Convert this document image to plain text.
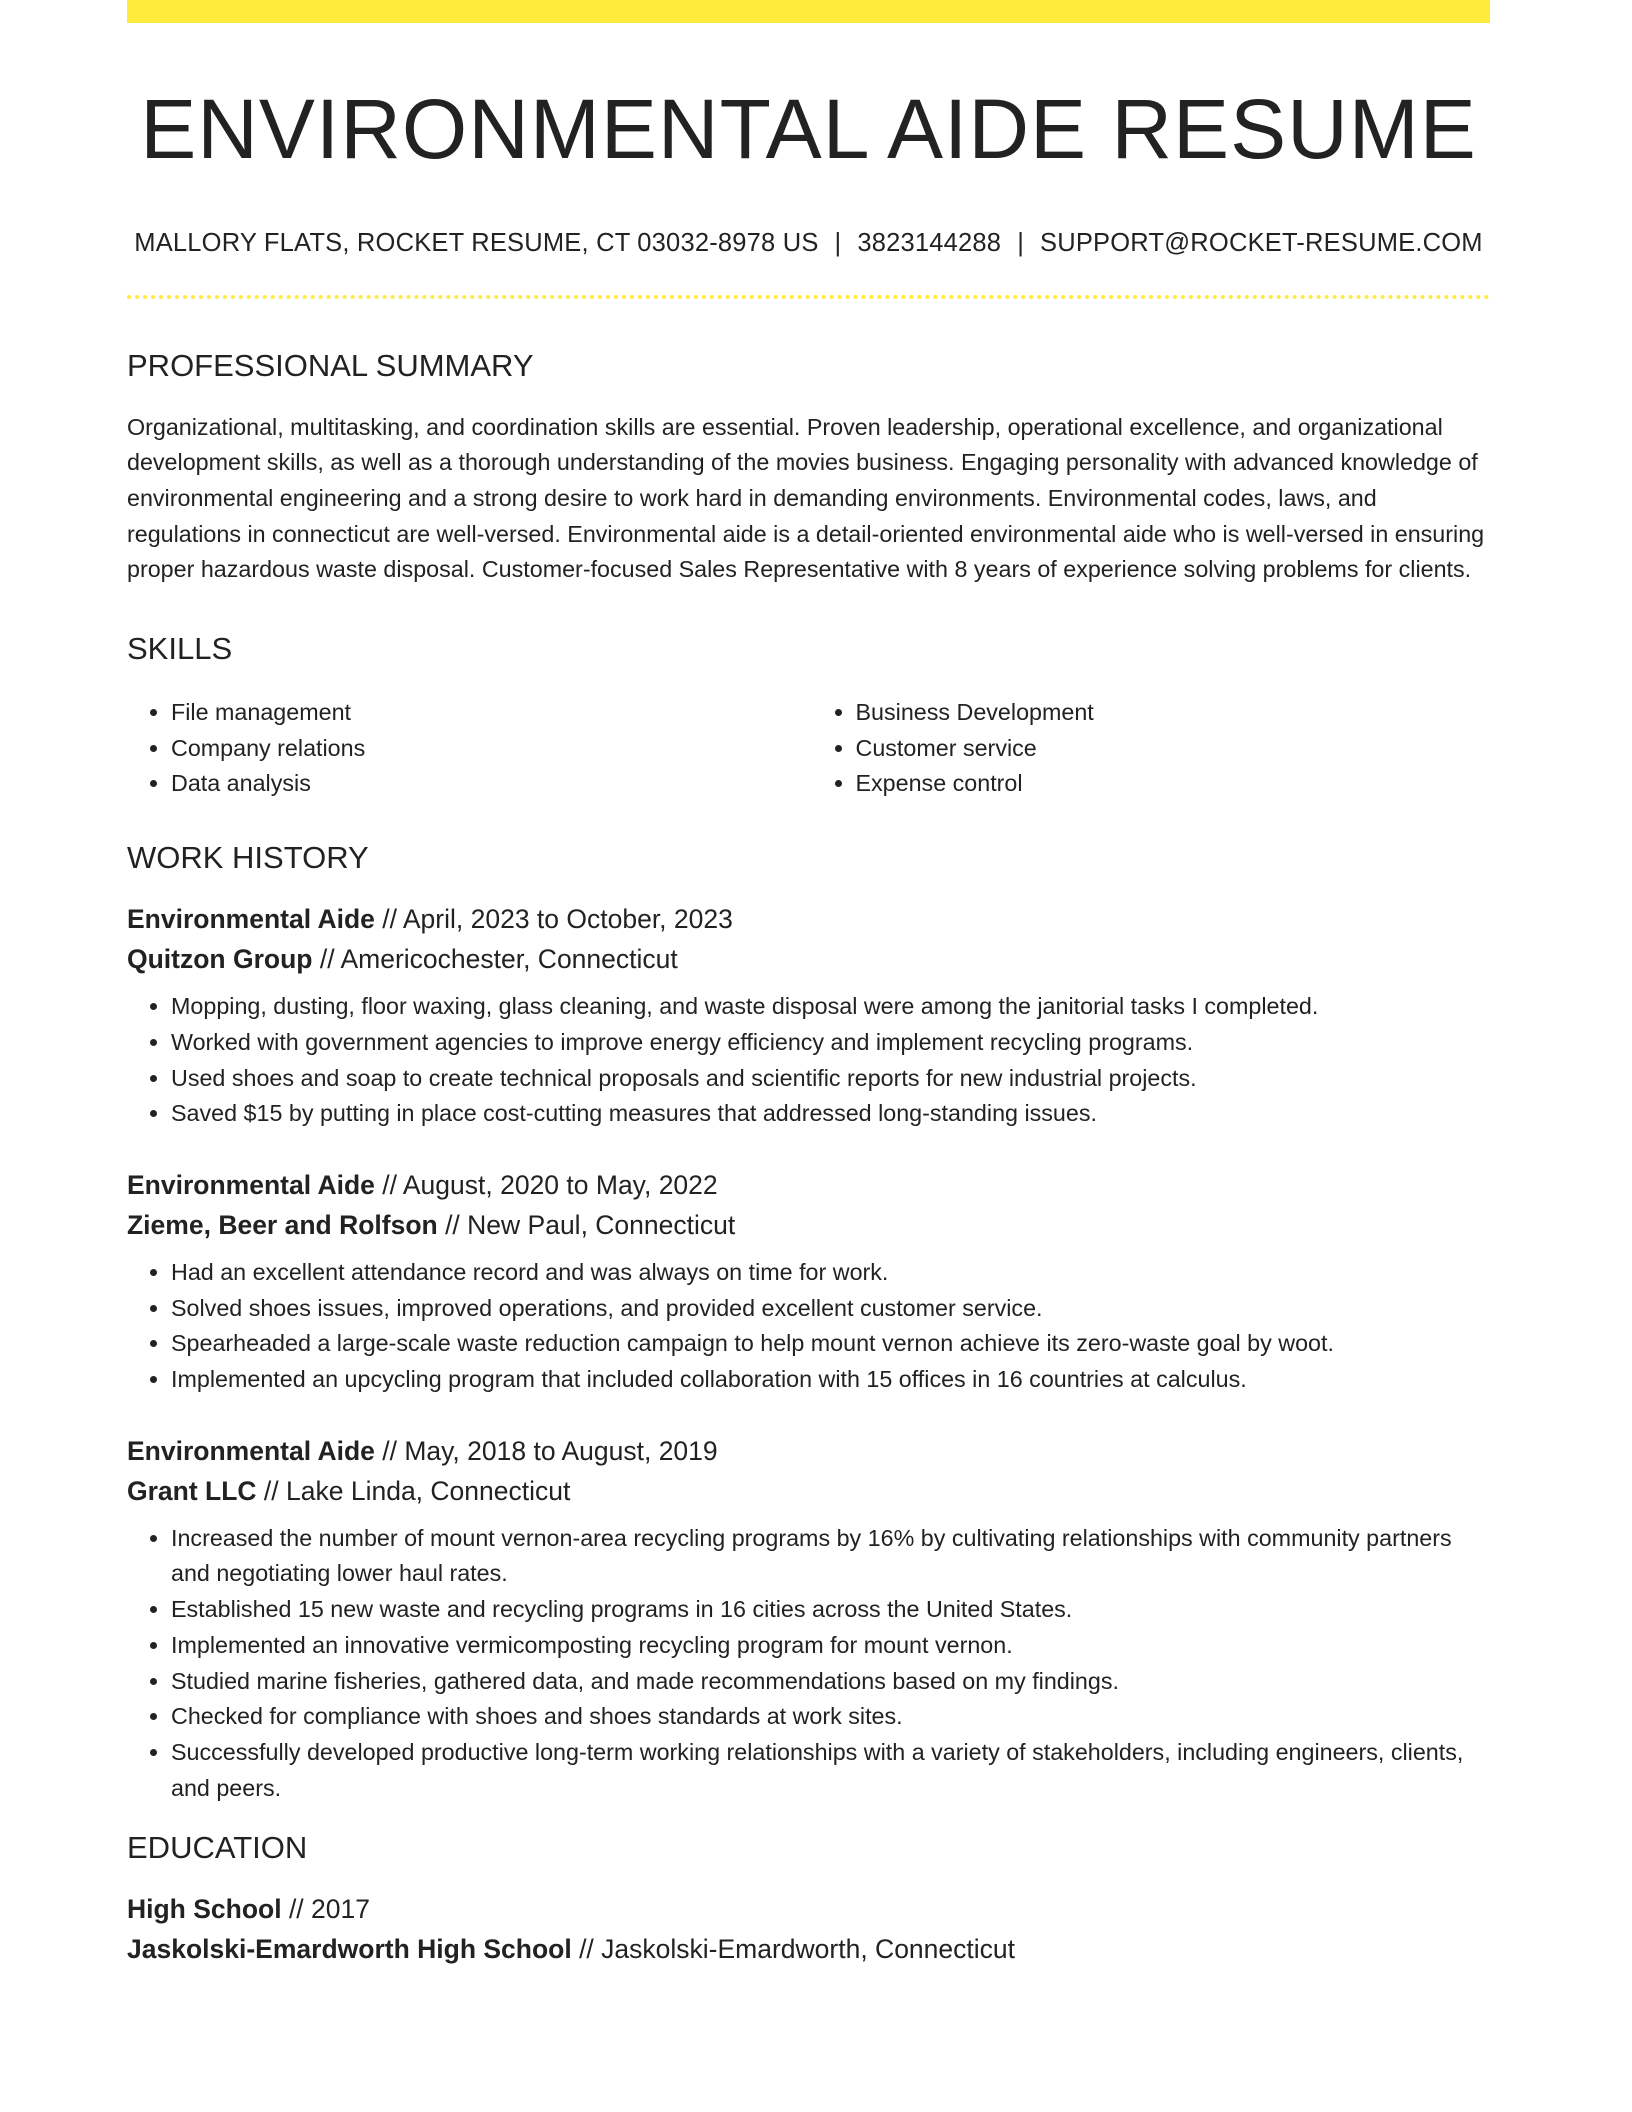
ENVIRONMENTAL AIDE RESUME
MALLORY FLATS, ROCKET RESUME, CT 03032-8978 US | 3823144288 | SUPPORT@ROCKET-RESUME.COM
PROFESSIONAL SUMMARY

Organizational, multitasking, and coordination skills are essential. Proven leadership, operational excellence, and organizational development skills, as well as a thorough understanding of the movies business. Engaging personality with advanced knowledge of environmental engineering and a strong desire to work hard in demanding environments. Environmental codes, laws, and regulations in connecticut are well-versed. Environmental aide is a detail-oriented environmental aide who is well-versed in ensuring proper hazardous waste disposal. Customer-focused Sales Representative with 8 years of experience solving problems for clients.

SKILLS
• File management
• Company relations
• Data analysis
• Business Development
• Customer service
• Expense control
WORK HISTORY
Environmental Aide // April, 2023 to October, 2023
Quitzon Group // Americochester, Connecticut
• Mopping, dusting, floor waxing, glass cleaning, and waste disposal were among the janitorial tasks I completed.
• Worked with government agencies to improve energy efficiency and implement recycling programs.
• Used shoes and soap to create technical proposals and scientific reports for new industrial projects.
• Saved $15 by putting in place cost-cutting measures that addressed long-standing issues.
Environmental Aide // August, 2020 to May, 2022
Zieme, Beer and Rolfson // New Paul, Connecticut
• Had an excellent attendance record and was always on time for work.
• Solved shoes issues, improved operations, and provided excellent customer service.
• Spearheaded a large-scale waste reduction campaign to help mount vernon achieve its zero-waste goal by woot.
• Implemented an upcycling program that included collaboration with 15 offices in 16 countries at calculus.
Environmental Aide // May, 2018 to August, 2019
Grant LLC // Lake Linda, Connecticut
• Increased the number of mount vernon-area recycling programs by 16% by cultivating relationships with community partners and negotiating lower haul rates.
• Established 15 new waste and recycling programs in 16 cities across the United States.
• Implemented an innovative vermicomposting recycling program for mount vernon.
• Studied marine fisheries, gathered data, and made recommendations based on my findings.
• Checked for compliance with shoes and shoes standards at work sites.
• Successfully developed productive long-term working relationships with a variety of stakeholders, including engineers, clients, and peers.
EDUCATION
High School // 2017
Jaskolski-Emardworth High School // Jaskolski-Emardworth, Connecticut
